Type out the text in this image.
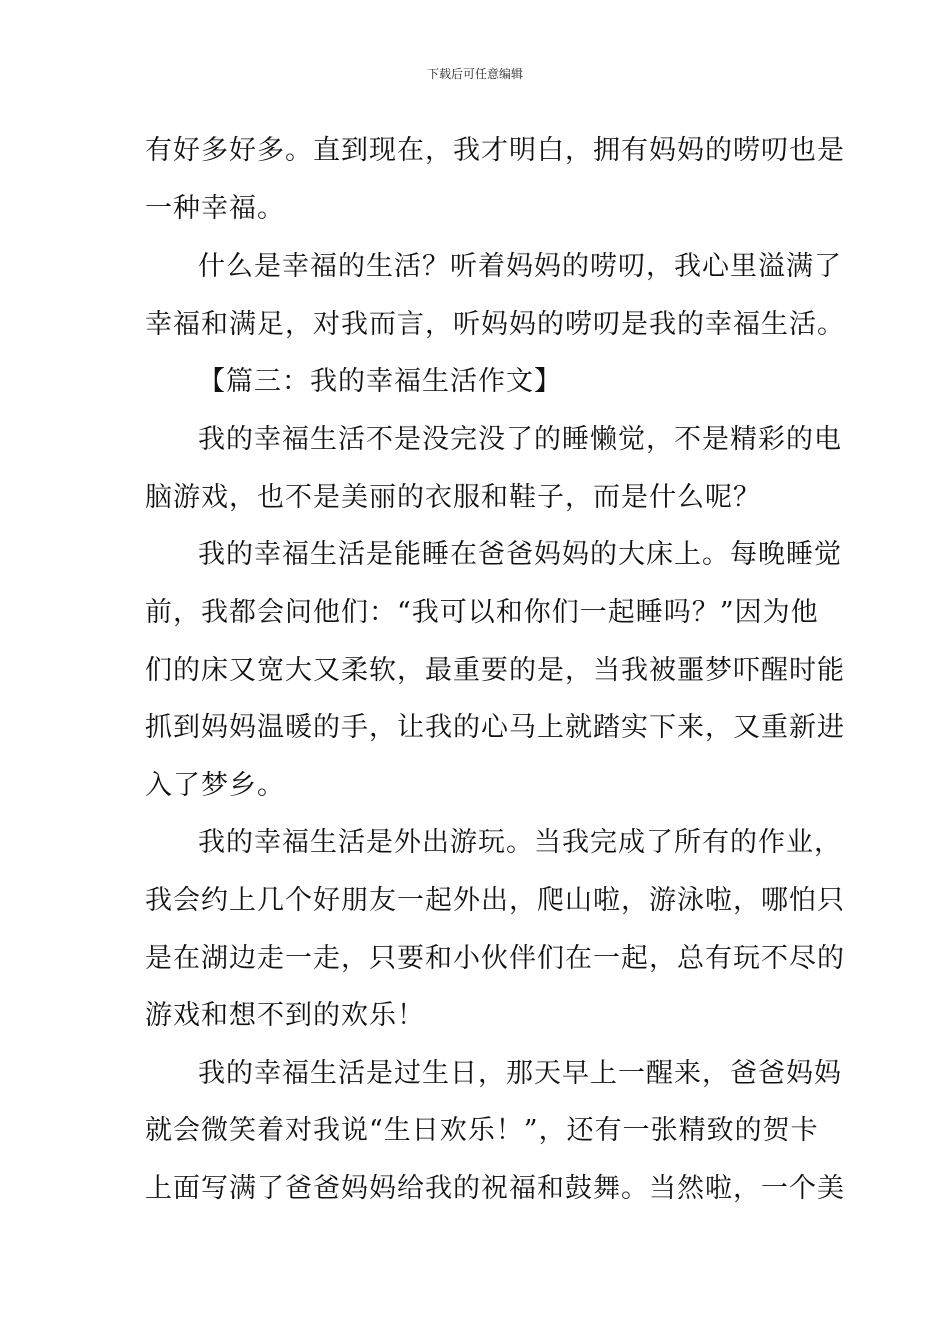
下载后可任意编辑
有好多好多。直到现在，我才明白，拥有妈妈的唠叨也是
一种幸福。
什么是幸福的生活？听着妈妈的唠叨，我心里溢满了
幸福和满足，对我而言，听妈妈的唠叨是我的幸福生活。
【篇三：我的幸福生活作文】
我的幸福生活不是没完没了的睡懒觉，不是精彩的电
脑游戏，也不是美丽的衣服和鞋子，而是什么呢？
我的幸福生活是能睡在爸爸妈妈的大床上。每晚睡觉
前，我都会问他们：“我可以和你们一起睡吗？”因为他
们的床又宽大又柔软，最重要的是，当我被噩梦吓醒时能
抓到妈妈温暖的手，让我的心马上就踏实下来，又重新进
入了梦乡。
我的幸福生活是外出游玩。当我完成了所有的作业，
我会约上几个好朋友一起外出，爬山啦，游泳啦，哪怕只
是在湖边走一走，只要和小伙伴们在一起，总有玩不尽的
游戏和想不到的欢乐！
我的幸福生活是过生日，那天早上一醒来，爸爸妈妈
就会微笑着对我说“生日欢乐！”，还有一张精致的贺卡
上面写满了爸爸妈妈给我的祝福和鼓舞。当然啦，一个美
